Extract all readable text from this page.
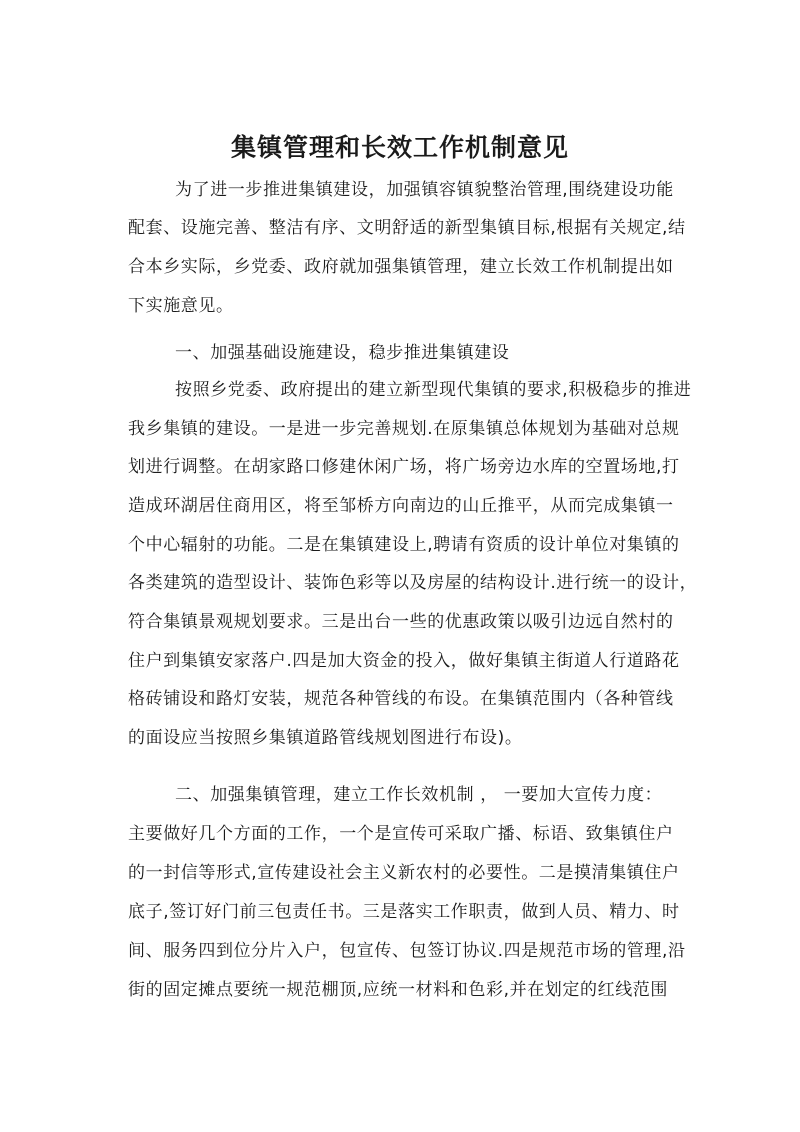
集镇管理和长效工作机制意见
为了进一步推进集镇建设，加强镇容镇貌整治管理,围绕建设功能
配套、设施完善、整洁有序、文明舒适的新型集镇目标,根据有关规定,结
合本乡实际，乡党委、政府就加强集镇管理，建立长效工作机制提出如
下实施意见。
一、加强基础设施建设，稳步推进集镇建设
按照乡党委、政府提出的建立新型现代集镇的要求,积极稳步的推进
我乡集镇的建设。一是进一步完善规划.在原集镇总体规划为基础对总规
划进行调整。在胡家路口修建休闲广场，将广场旁边水库的空置场地,打
造成环湖居住商用区，将至邹桥方向南边的山丘推平，从而完成集镇一
个中心辐射的功能。二是在集镇建设上,聘请有资质的设计单位对集镇的
各类建筑的造型设计、装饰色彩等以及房屋的结构设计.进行统一的设计，
符合集镇景观规划要求。三是出台一些的优惠政策以吸引边远自然村的
住户到集镇安家落户.四是加大资金的投入，做好集镇主街道人行道路花
格砖铺设和路灯安装，规范各种管线的布设。在集镇范围内（各种管线
的面设应当按照乡集镇道路管线规划图进行布设)。
二、加强集镇管理，建立工作长效机制 ， 一要加大宣传力度：
主要做好几个方面的工作，一个是宣传可采取广播、标语、致集镇住户
的一封信等形式,宣传建设社会主义新农村的必要性。二是摸清集镇住户
底子,签订好门前三包责任书。三是落实工作职责，做到人员、精力、时
间、服务四到位分片入户，包宣传、包签订协议.四是规范市场的管理,沿
街的固定摊点要统一规范棚顶,应统一材料和色彩,并在划定的红线范围
